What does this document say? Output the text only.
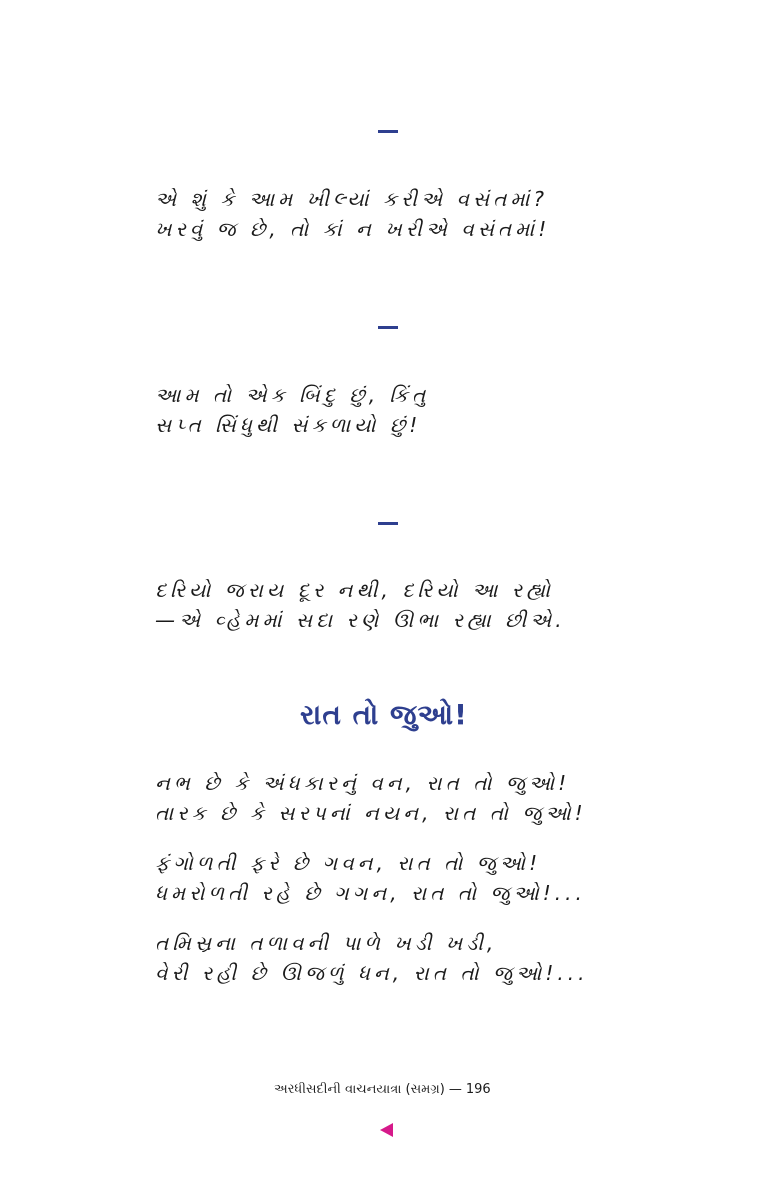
એ શું કે આમ ખીલ્યાં કરીએ વસંતમાં?
ખરવું જ છે, તો કાં ન ખરીએ વસંતમાં!
આમ તો એક બિંદુ છું, કિંતુ
સપ્ત સિંધુથી સંકળાયો છું!
દરિયો જરાય દૂર નથી, દરિયો આ રહ્યો
—એ વ્હેમમાં સદા રણે ઊભા રહ્યા છીએ.
રાત તો જુઓ!
નભ છે કે અંધકારનું વન, રાત તો જુઓ!
તારક છે કે સરપનાં નયન, રાત તો જુઓ!
ફંગોળતી ફરે છે ગવન, રાત તો જુઓ!
ધમરોળતી રહે છે ગગન, રાત તો જુઓ!...
તમિસ્રના તળાવની પાળે ખડી ખડી,
વેરી રહી છે ઊજળું ધન, રાત તો જુઓ!...
અરધીસદીની વાચનયાત્રા (સમગ્ર) — 196
